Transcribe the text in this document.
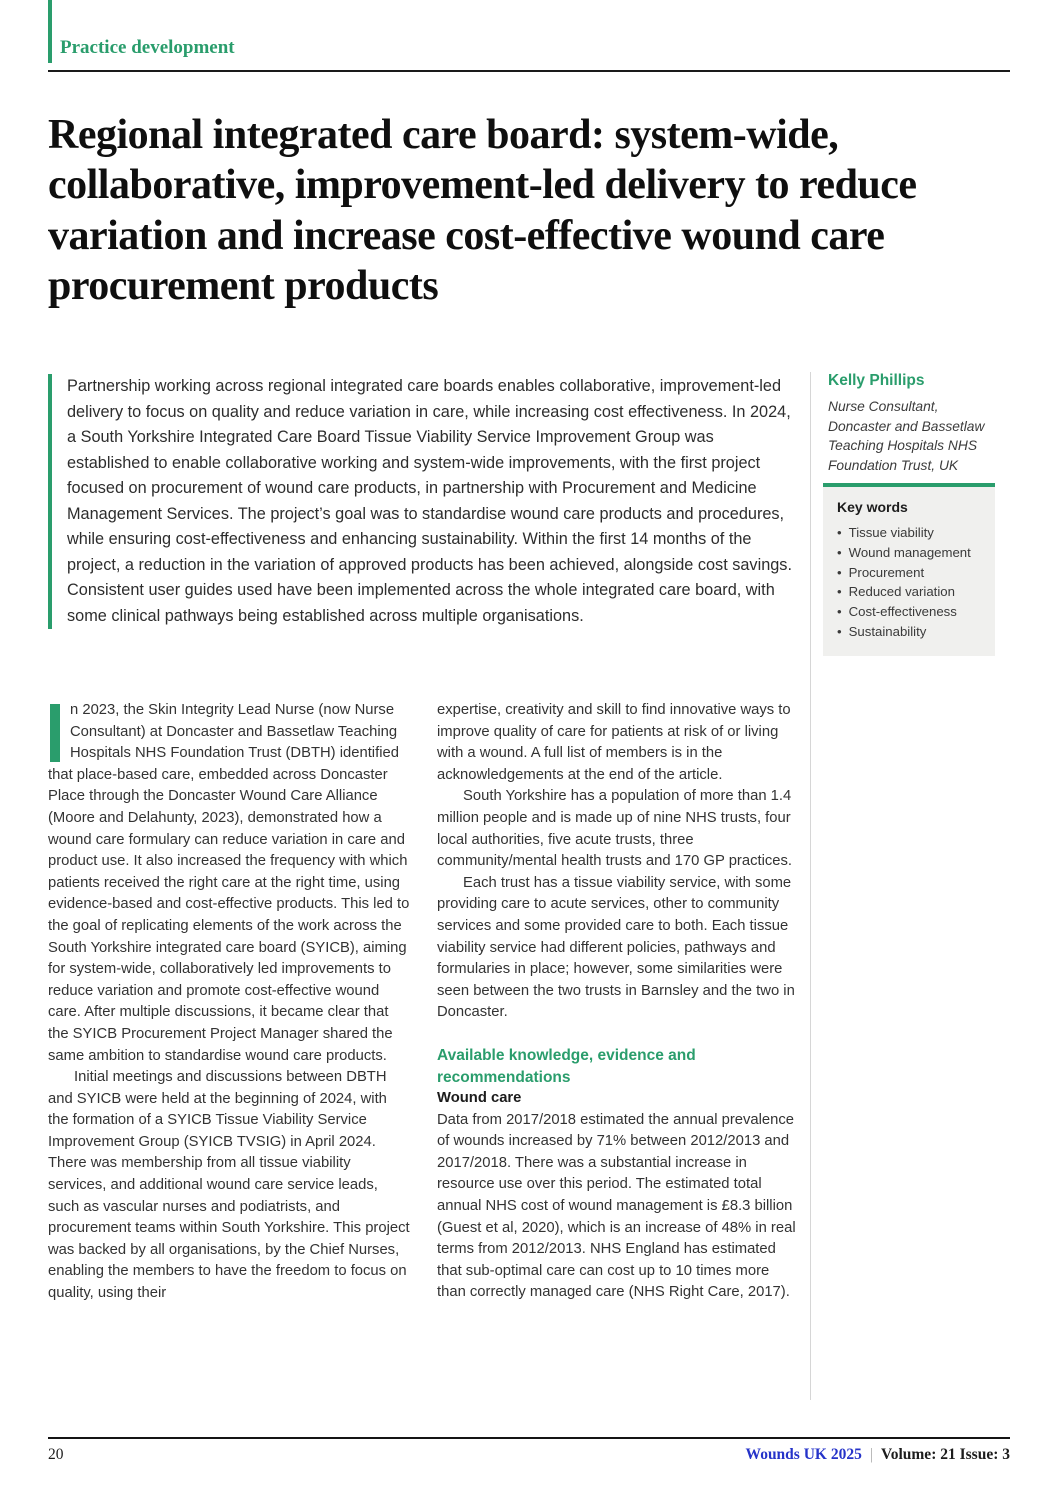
Practice development
Regional integrated care board: system-wide, collaborative, improvement-led delivery to reduce variation and increase cost-effective wound care procurement products
Partnership working across regional integrated care boards enables collaborative, improvement-led delivery to focus on quality and reduce variation in care, while increasing cost effectiveness. In 2024, a South Yorkshire Integrated Care Board Tissue Viability Service Improvement Group was established to enable collaborative working and system-wide improvements, with the first project focused on procurement of wound care products, in partnership with Procurement and Medicine Management Services. The project’s goal was to standardise wound care products and procedures, while ensuring cost-effectiveness and enhancing sustainability. Within the first 14 months of the project, a reduction in the variation of approved products has been achieved, alongside cost savings. Consistent user guides used have been implemented across the whole integrated care board, with some clinical pathways being established across multiple organisations.
Kelly Phillips
Nurse Consultant,
Doncaster and Bassetlaw
Teaching Hospitals NHS
Foundation Trust, UK
Key words
• Tissue viability
• Wound management
• Procurement
• Reduced variation
• Cost-effectiveness
• Sustainability

n 2023, the Skin Integrity Lead Nurse (now Nurse Consultant) at Doncaster and Bassetlaw Teaching Hospitals NHS Foundation Trust (DBTH) identified that place-based care, embedded across Doncaster Place through the Doncaster Wound Care Alliance (Moore and Delahunty, 2023), demonstrated how a wound care formulary can reduce variation in care and product use. It also increased the frequency with which patients received the right care at the right time, using evidence-based and cost-effective products. This led to the goal of replicating elements of the work across the South Yorkshire integrated care board (SYICB), aiming for system-wide, collaboratively led improvements to reduce variation and promote cost-effective wound care. After multiple discussions, it became clear that the SYICB Procurement Project Manager shared the same ambition to standardise wound care products.

Initial meetings and discussions between DBTH and SYICB were held at the beginning of 2024, with the formation of a SYICB Tissue Viability Service Improvement Group (SYICB TVSIG) in April 2024. There was membership from all tissue viability services, and additional wound care service leads, such as vascular nurses and podiatrists, and procurement teams within South Yorkshire. This project was backed by all organisations, by the Chief Nurses, enabling the members to have the freedom to focus on quality, using their

expertise, creativity and skill to find innovative ways to improve quality of care for patients at risk of or living with a wound. A full list of members is in the acknowledgements at the end of the article.

South Yorkshire has a population of more than 1.4 million people and is made up of nine NHS trusts, four local authorities, five acute trusts, three community/mental health trusts and 170 GP practices.

Each trust has a tissue viability service, with some providing care to acute services, other to community services and some provided care to both. Each tissue viability service had different policies, pathways and formularies in place; however, some similarities were seen between the two trusts in Barnsley and the two in Doncaster.

Available knowledge, evidence and recommendations

Wound care

Data from 2017/2018 estimated the annual prevalence of wounds increased by 71% between 2012/2013 and 2017/2018. There was a substantial increase in resource use over this period. The estimated total annual NHS cost of wound management is £8.3 billion (Guest et al, 2020), which is an increase of 48% in real terms from 2012/2013. NHS England has estimated that sub-optimal care can cost up to 10 times more than correctly managed care (NHS Right Care, 2017).

20	Wounds UK 2025 | Volume: 21 Issue: 3
